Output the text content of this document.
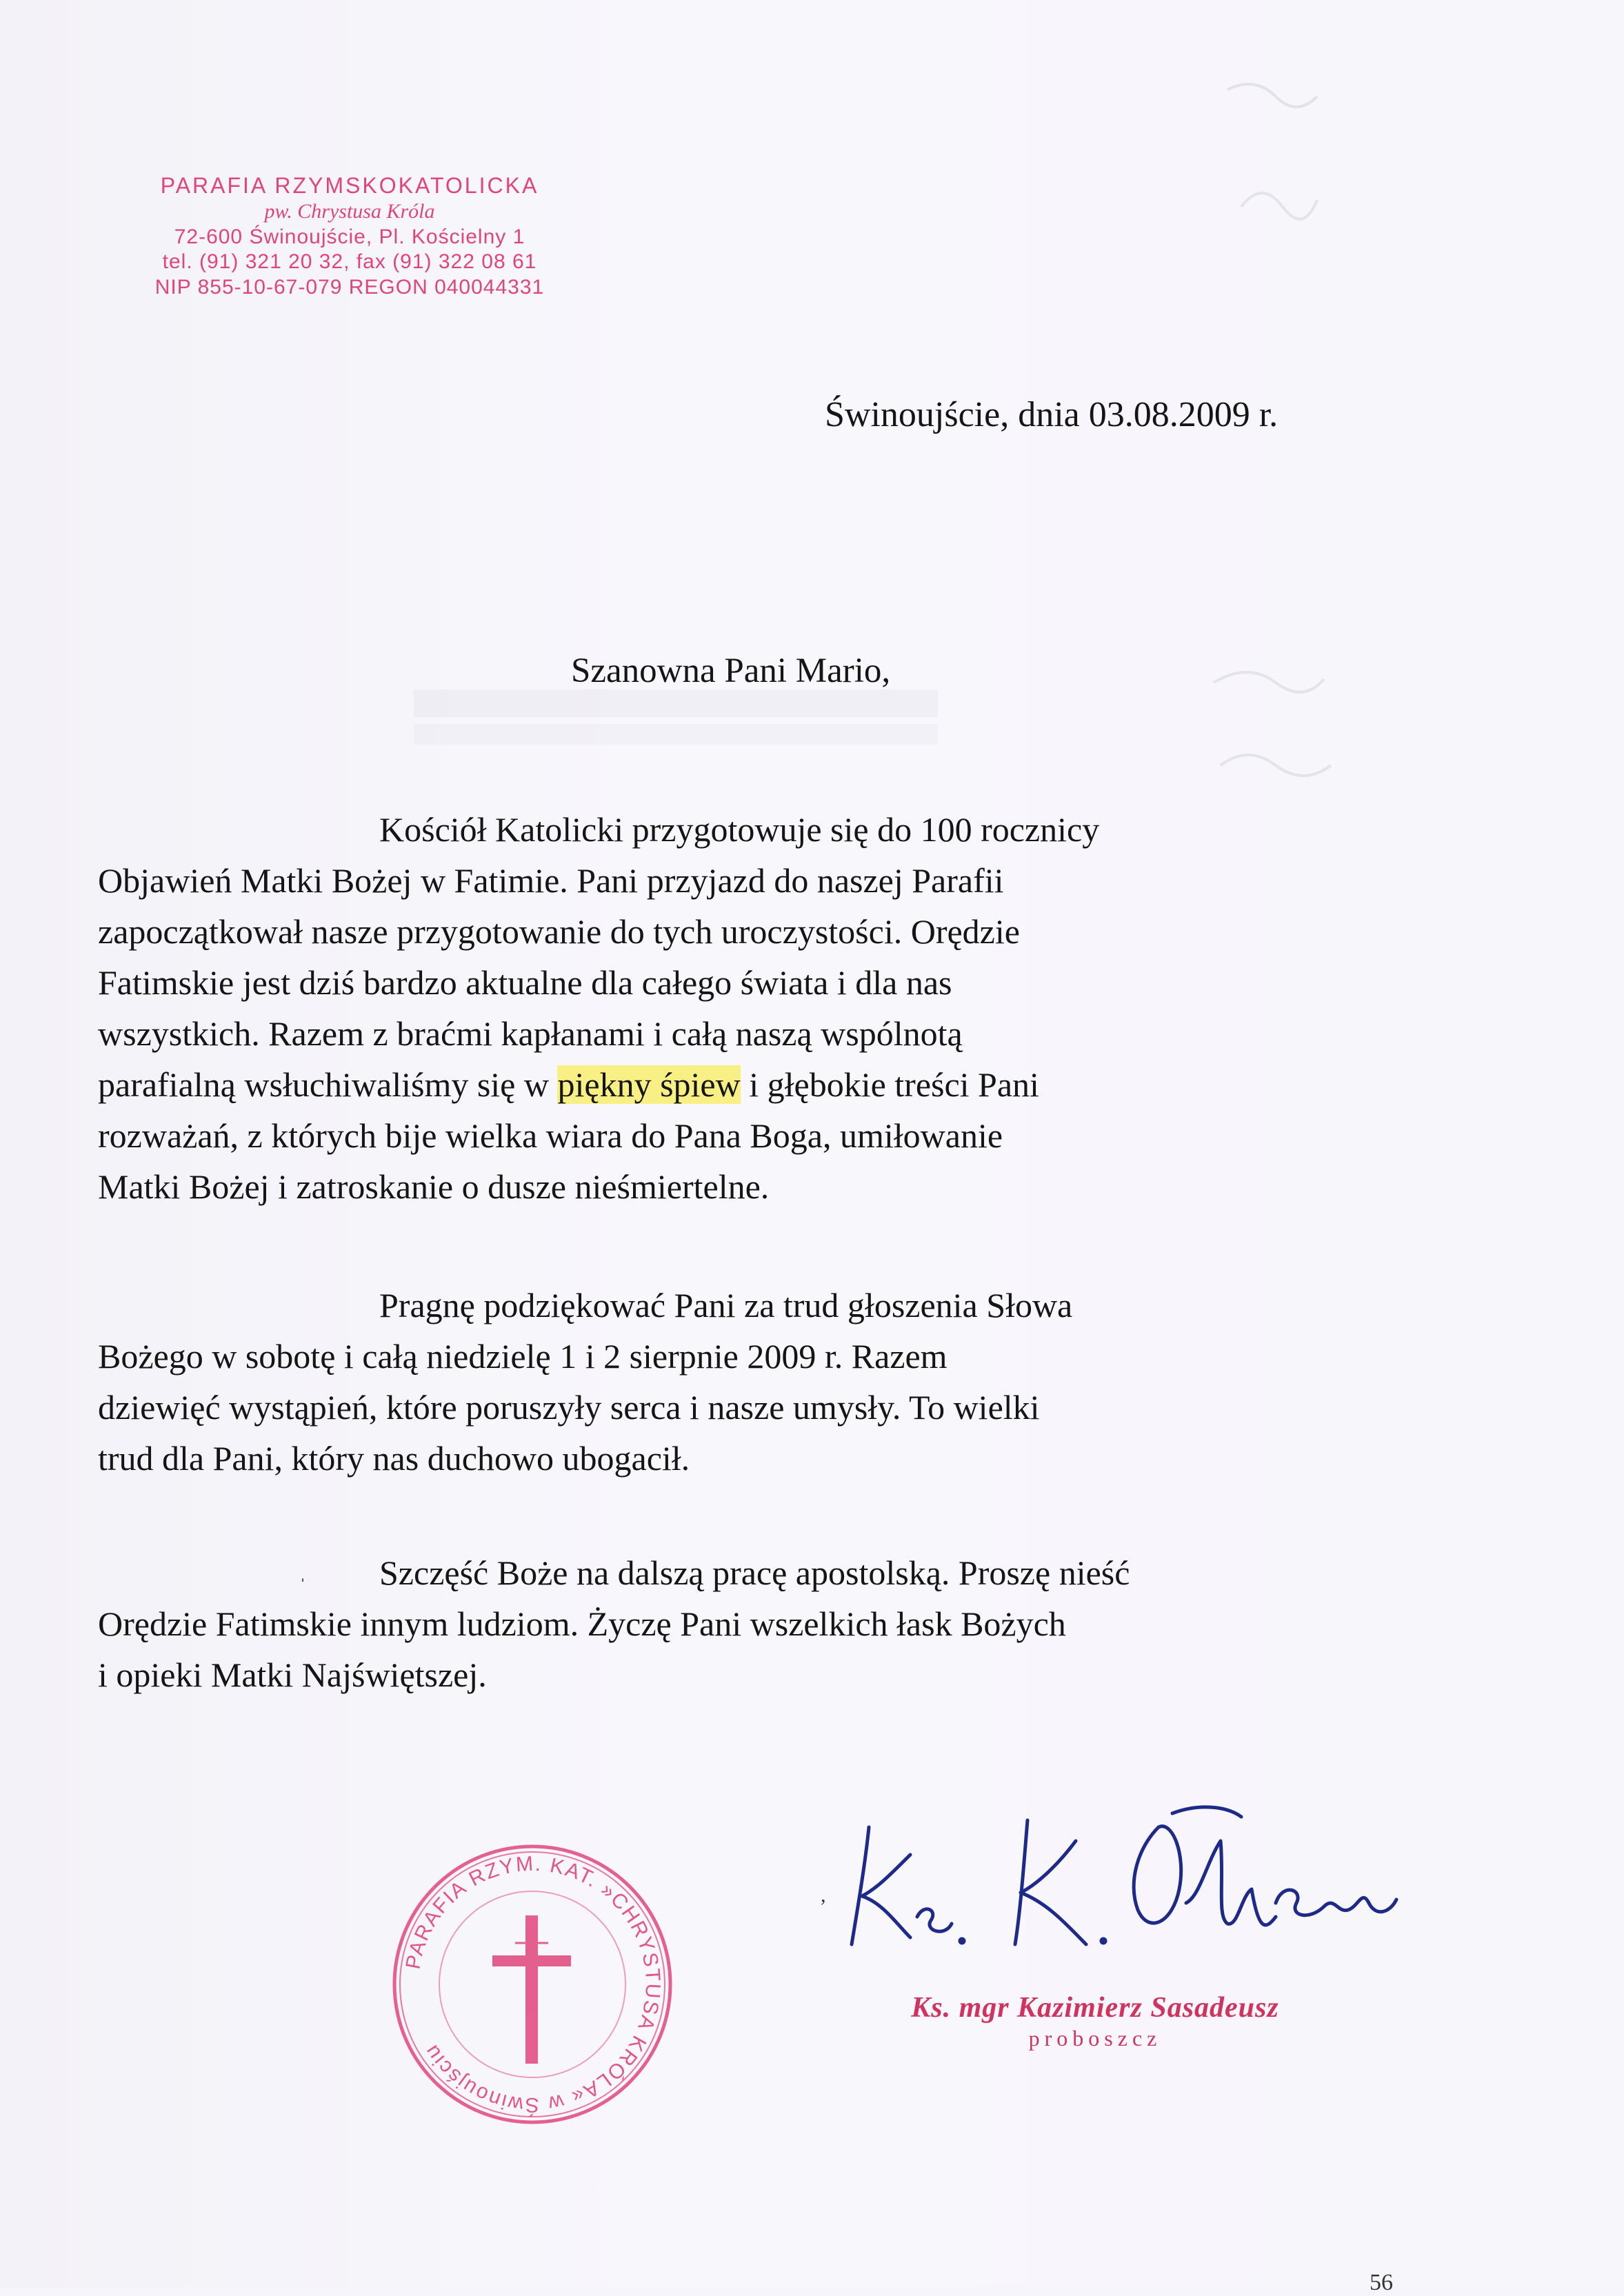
PARAFIA RZYMSKOKATOLICKA
pw. Chrystusa Króla
72-600 Świnoujście, Pl. Kościelny 1
tel. (91) 321 20 32, fax (91) 322 08 61
NIP 855-10-67-079 REGON 040044331
Świnoujście, dnia 03.08.2009 r.
Szanowna Pani Mario,
Kościół Katolicki przygotowuje się do 100 rocznicy
Objawień Matki Bożej w Fatimie. Pani przyjazd do naszej Parafii
zapoczątkował nasze przygotowanie do tych uroczystości. Orędzie
Fatimskie jest dziś bardzo aktualne dla całego świata i dla nas
wszystkich. Razem z braćmi kapłanami i całą naszą wspólnotą
parafialną wsłuchiwaliśmy się w piękny śpiew i głębokie treści Pani
rozważań, z których bije wielka wiara do Pana Boga, umiłowanie
Matki Bożej i zatroskanie o dusze nieśmiertelne.
Pragnę podziękować Pani za trud głoszenia Słowa
Bożego w sobotę i całą niedzielę 1 i 2 sierpnie 2009 r. Razem
dziewięć wystąpień, które poruszyły serca i nasze umysły. To wielki
trud dla Pani, który nas duchowo ubogacił.
Szczęść Boże na dalszą pracę apostolską. Proszę nieść
Orędzie Fatimskie innym ludziom. Życzę Pani wszelkich łask Bożych
i opieki Matki Najświętszej.
PARAFIA RZYM. KAT. »CHRYSTUSA KRÓLA« w Świnoujściu
Ks. mgr Kazimierz Sasadeusz
proboszcz
,
ˈ
56
